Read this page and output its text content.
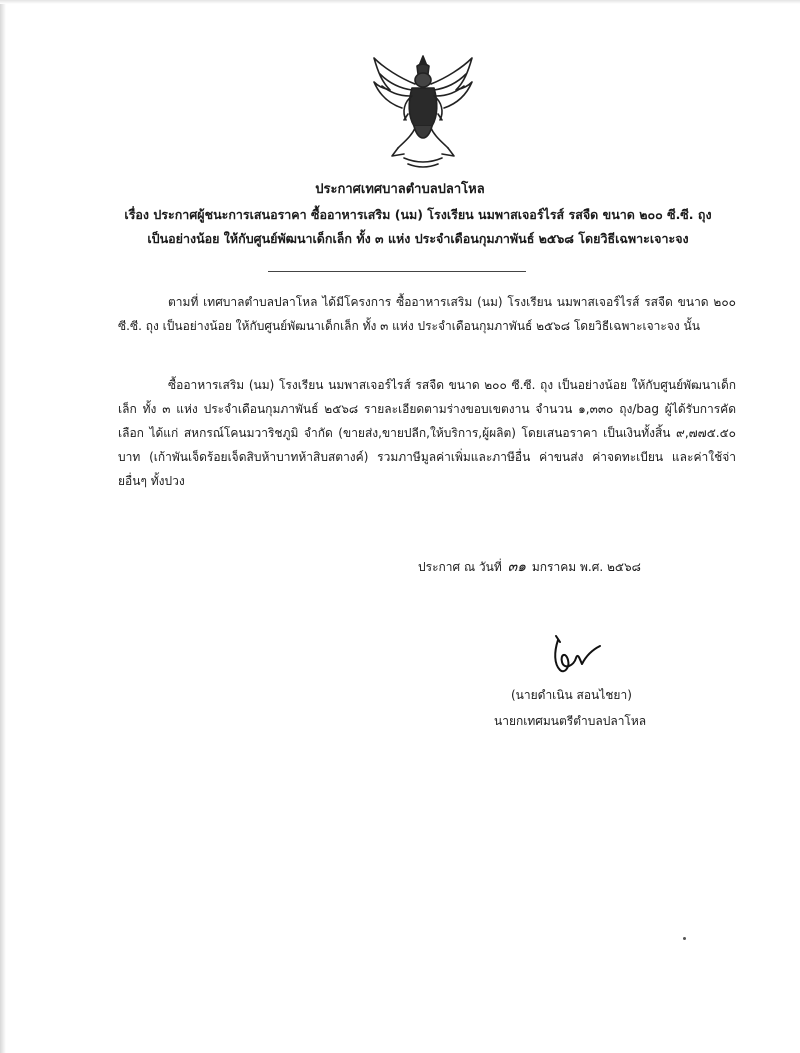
ประกาศเทศบาลตำบลปลาโหล
เรื่อง ประกาศผู้ชนะการเสนอราคา ซื้ออาหารเสริม (นม) โรงเรียน นมพาสเจอร์ไรส์ รสจืด ขนาด ๒๐๐ ซี.ซี. ถุง
เป็นอย่างน้อย ให้กับศูนย์พัฒนาเด็กเล็ก ทั้ง ๓ แห่ง ประจำเดือนกุมภาพันธ์ ๒๕๖๘ โดยวิธีเฉพาะเจาะจง
ตามที่ เทศบาลตำบลปลาโหล ได้มีโครงการ ซื้ออาหารเสริม (นม) โรงเรียน นมพาสเจอร์ไรส์ รสจืด ขนาด ๒๐๐ ซี.ซี. ถุง เป็นอย่างน้อย ให้กับศูนย์พัฒนาเด็กเล็ก ทั้ง ๓ แห่ง ประจำเดือนกุมภาพันธ์ ๒๕๖๘ โดยวิธีเฉพาะเจาะจง นั้น
ซื้ออาหารเสริม (นม) โรงเรียน นมพาสเจอร์ไรส์ รสจืด ขนาด ๒๐๐ ซี.ซี. ถุง เป็นอย่างน้อย ให้กับศูนย์พัฒนาเด็กเล็ก ทั้ง ๓ แห่ง ประจำเดือนกุมภาพันธ์ ๒๕๖๘ รายละเอียดตามร่างขอบเขตงาน จำนวน ๑,๓๓๐ ถุง/bag ผู้ได้รับการคัดเลือก ได้แก่ สหกรณ์โคนมวาริชภูมิ จำกัด (ขายส่ง,ขายปลีก,ให้บริการ,ผู้ผลิต) โดยเสนอราคา เป็นเงินทั้งสิ้น ๙,๗๗๕.๕๐ บาท (เก้าพันเจ็ดร้อยเจ็ดสิบห้าบาทห้าสิบสตางค์) รวมภาษีมูลค่าเพิ่มและภาษีอื่น ค่าขนส่ง ค่าจดทะเบียน และค่าใช้จ่ายอื่นๆ ทั้งปวง
ประกาศ ณ วันที่ ๓๑ มกราคม พ.ศ. ๒๕๖๘
(นายดำเนิน สอนไชยา)
นายกเทศมนตรีตำบลปลาโหล
